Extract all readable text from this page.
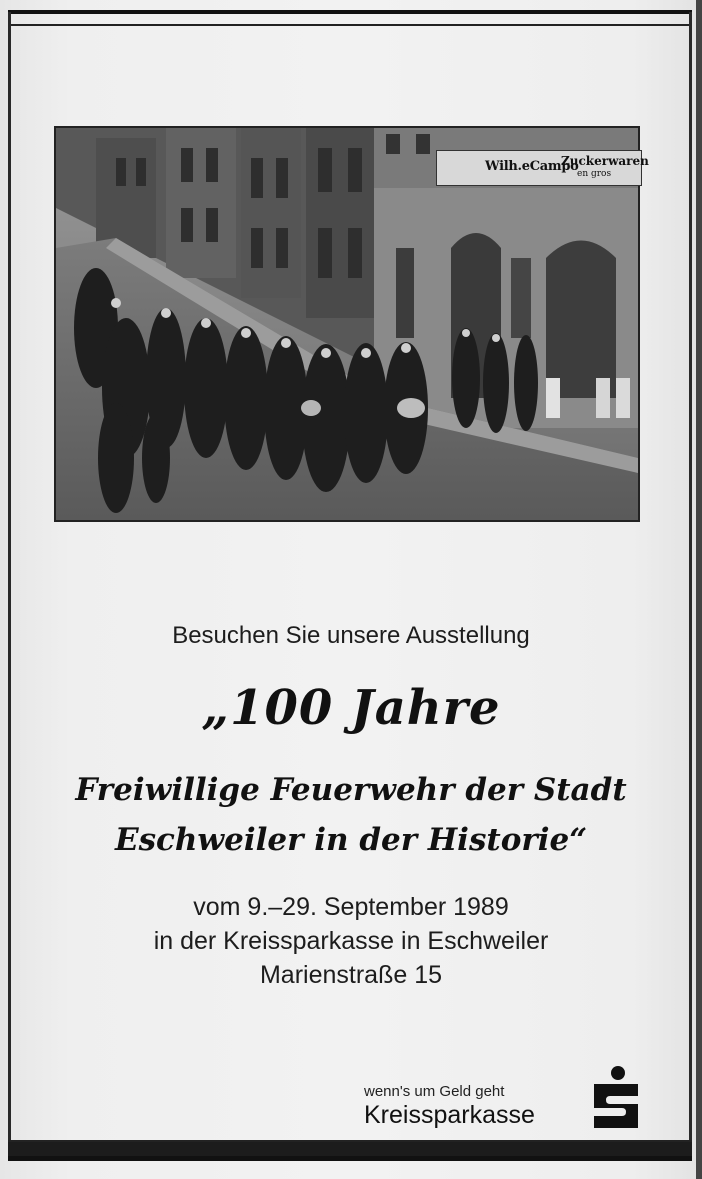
Wilh.eCampo
Zuckerwaren
en gros
Besuchen Sie unsere Ausstellung
„100 Jahre
Freiwillige Feuerwehr der Stadt
Eschweiler in der Historie“
vom 9.–29. September 1989
in der Kreissparkasse in Eschweiler
Marienstraße 15
wenn's um Geld geht
Kreissparkasse
